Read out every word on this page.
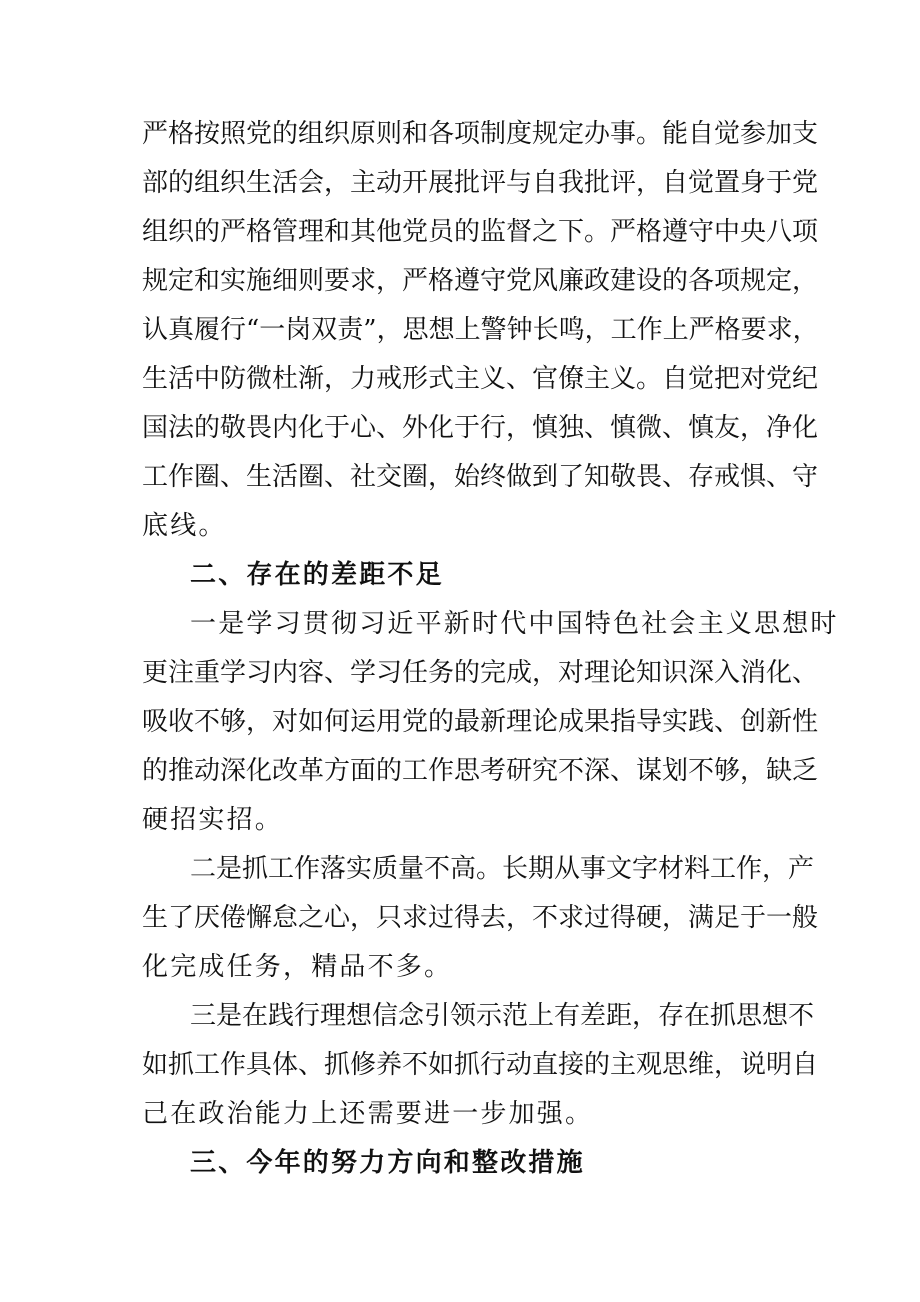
严格按照党的组织原则和各项制度规定办事。能自觉参加支
部的组织生活会，主动开展批评与自我批评，自觉置身于党
组织的严格管理和其他党员的监督之下。严格遵守中央八项
规定和实施细则要求，严格遵守党风廉政建设的各项规定，
认真履行“一岗双责”，思想上警钟长鸣，工作上严格要求，
生活中防微杜渐，力戒形式主义、官僚主义。自觉把对党纪
国法的敬畏内化于心、外化于行，慎独、慎微、慎友，净化
工作圈、生活圈、社交圈，始终做到了知敬畏、存戒惧、守
底线。
二、存在的差距不足
一是学习贯彻习近平新时代中国特色社会主义思想时
更注重学习内容、学习任务的完成，对理论知识深入消化、
吸收不够，对如何运用党的最新理论成果指导实践、创新性
的推动深化改革方面的工作思考研究不深、谋划不够，缺乏
硬招实招。
二是抓工作落实质量不高。长期从事文字材料工作，产
生了厌倦懈怠之心，只求过得去，不求过得硬，满足于一般
化完成任务，精品不多。
三是在践行理想信念引领示范上有差距，存在抓思想不
如抓工作具体、抓修养不如抓行动直接的主观思维，说明自
己在政治能力上还需要进一步加强。
三、今年的努力方向和整改措施
